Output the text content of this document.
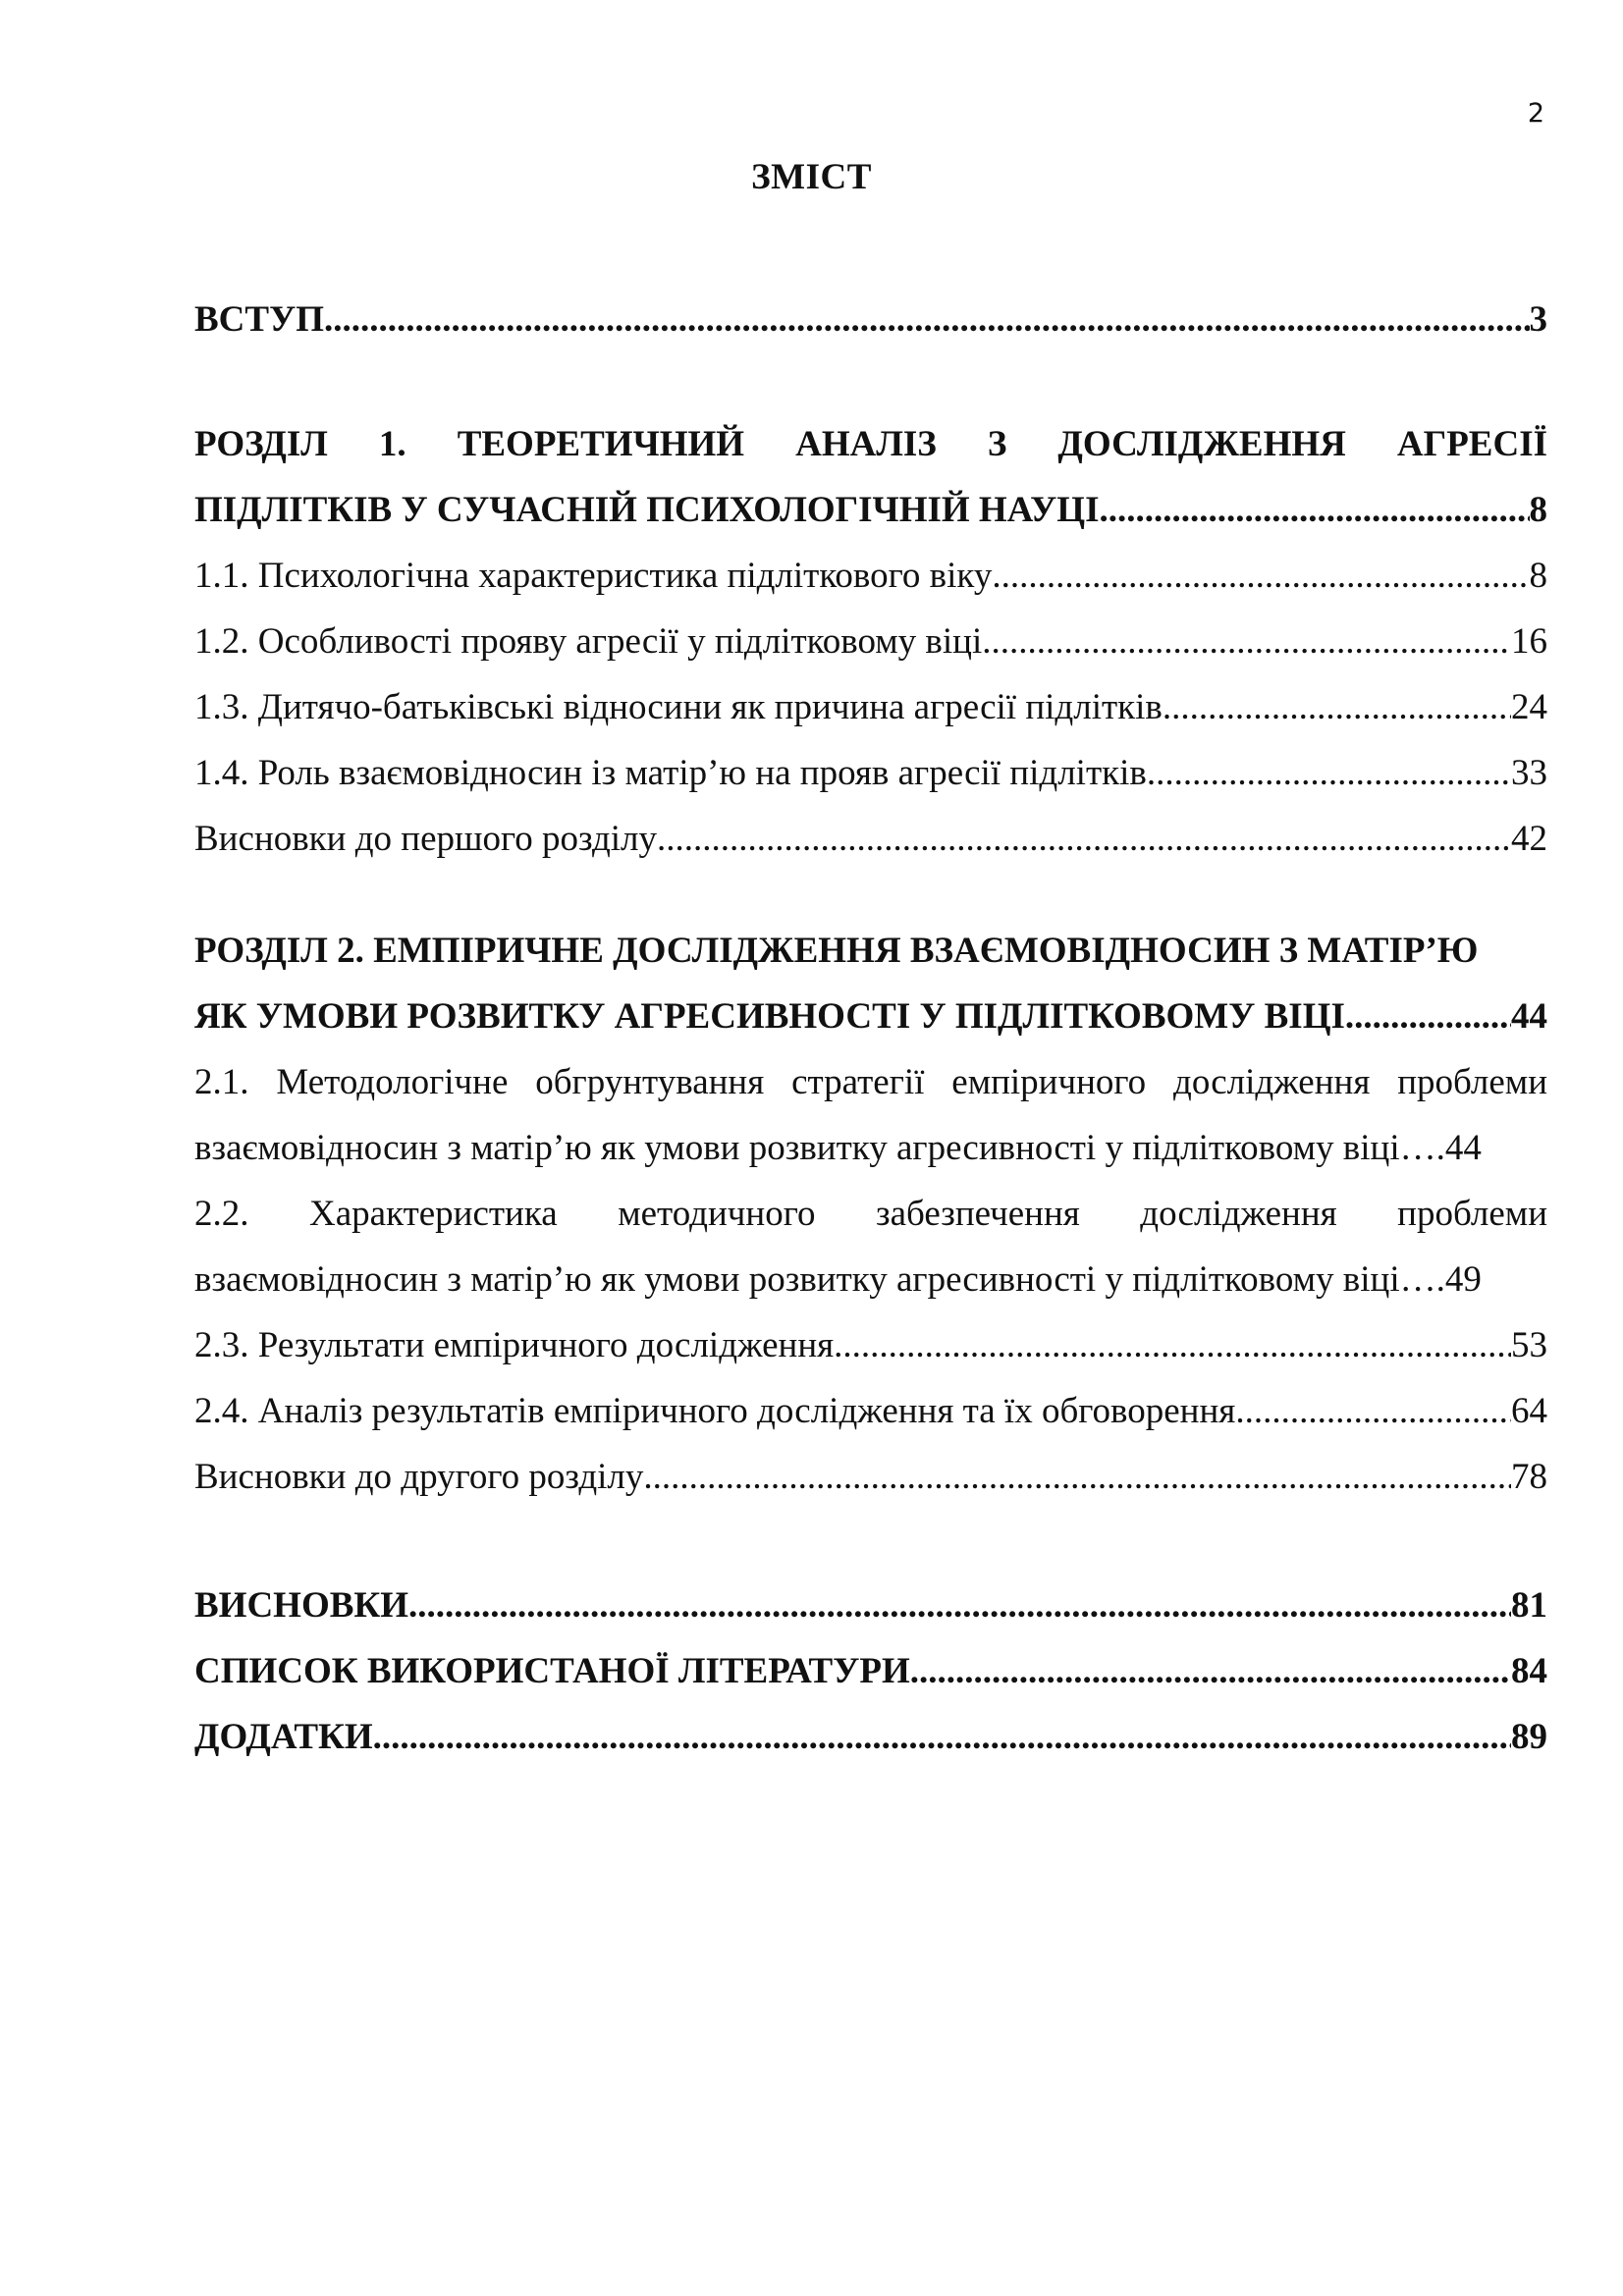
2
ЗМІСТ
ВСТУП .....	3
РОЗДІЛ 1. ТЕОРЕТИЧНИЙ АНАЛІЗ З ДОСЛІДЖЕННЯ АГРЕСІЇ
ПІДЛІТКІВ У СУЧАСНІЙ ПСИХОЛОГІЧНІЙ НАУЦІ .....	8
1.1. Психологічна характеристика підліткового віку .....	8
1.2. Особливості прояву агресії у підлітковому віці .....	16
1.3. Дитячо-батьківські відносини як причина агресії підлітків .....	24
1.4. Роль взаємовідносин із матір’ю на прояв агресії підлітків .....	33
Висновки до першого розділу .....	42
РОЗДІЛ 2. ЕМПІРИЧНЕ ДОСЛІДЖЕННЯ ВЗАЄМОВІДНОСИН З МАТІР’Ю
ЯК УМОВИ РОЗВИТКУ АГРЕСИВНОСТІ У ПІДЛІТКОВОМУ ВІЦІ .....	44
2.1. Методологічне обгрунтування стратегії емпіричного дослідження проблеми
взаємовідносин з матір’ю як умови розвитку агресивності у підлітковому віці …. 44
2.2. Характеристика методичного забезпечення дослідження проблеми
взаємовідносин з матір’ю як умови розвитку агресивності у підлітковому віці …. 49
2.3. Результати емпіричного дослідження .....	53
2.4. Аналіз результатів емпіричного дослідження та їх обговорення .....	64
Висновки до другого розділу .....	78
ВИСНОВКИ .....	81
СПИСОК ВИКОРИСТАНОЇ ЛІТЕРАТУРИ .....	84
ДОДАТКИ .....	89
